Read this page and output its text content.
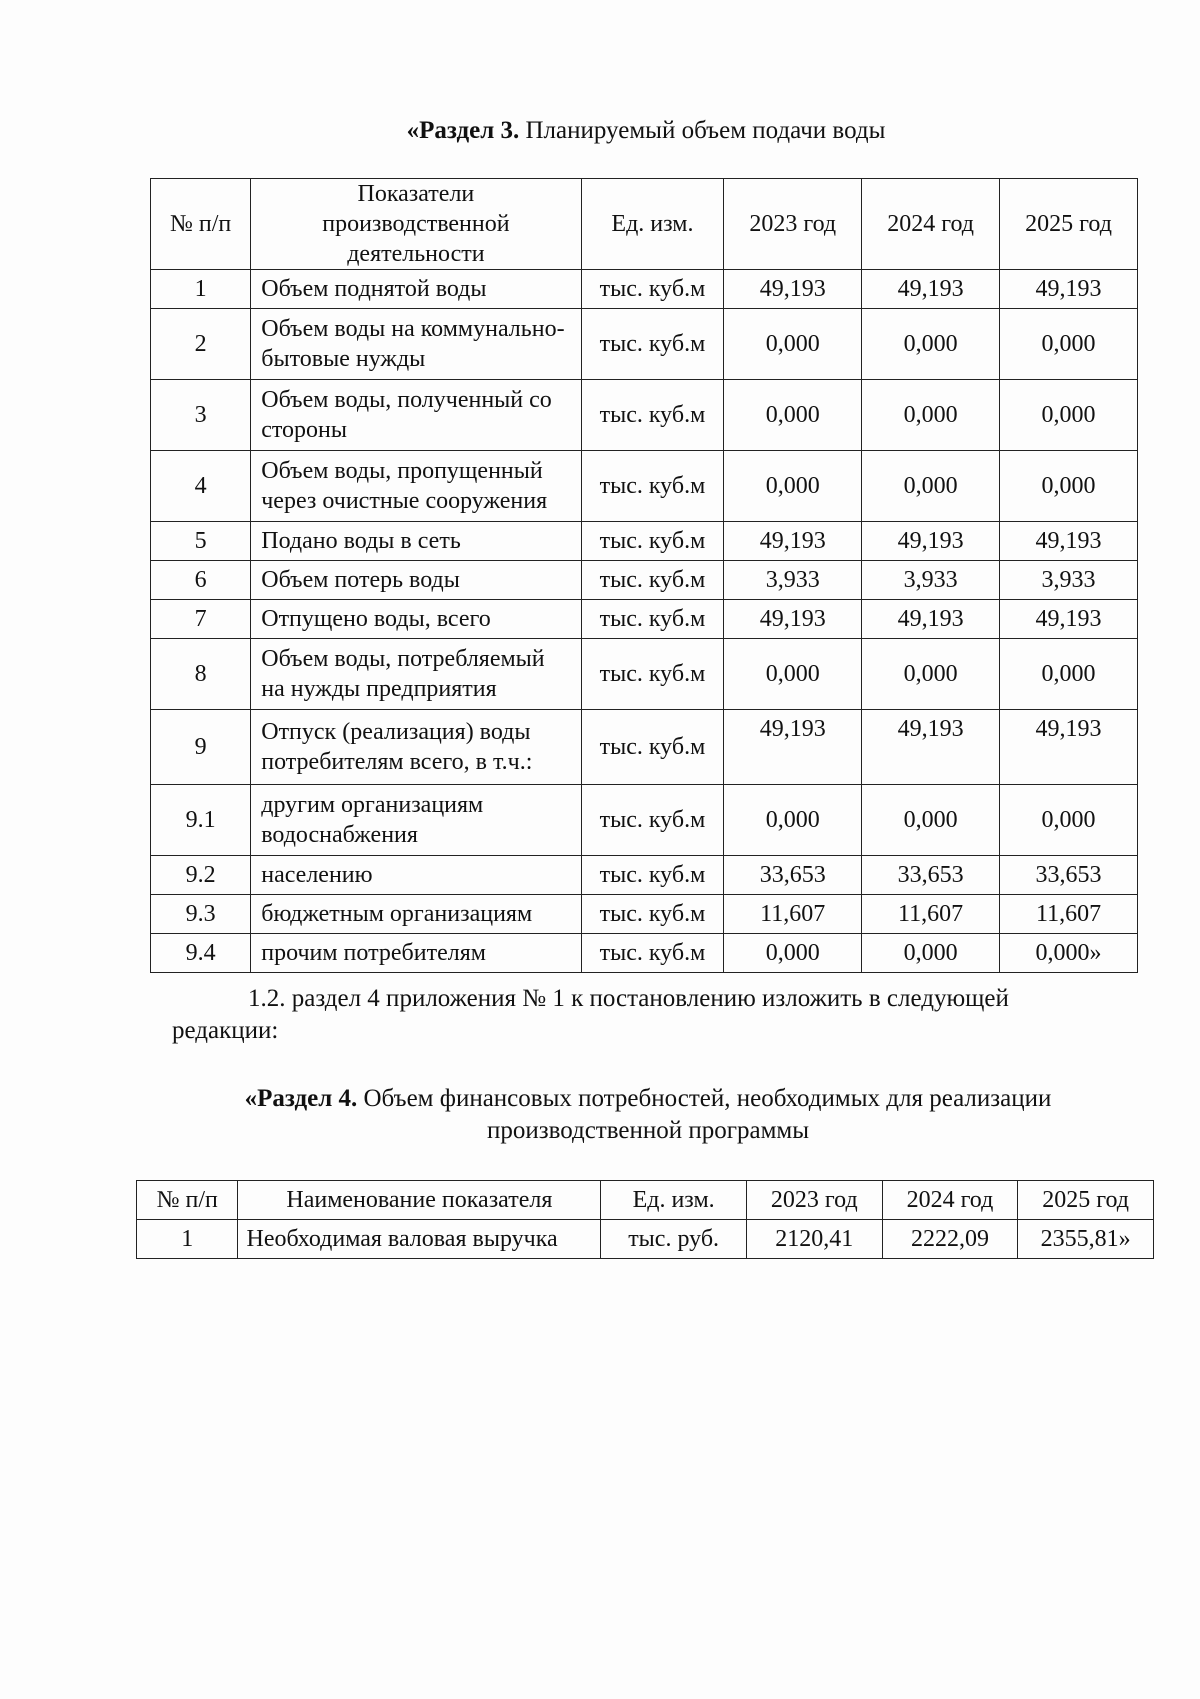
«Раздел 3. Планируемый объем подачи воды
№ п/п	Показатели производственной деятельности	Ед. изм.	2023 год	2024 год	2025 год
1	Объем поднятой воды	тыс. куб.м	49,193	49,193	49,193
2	Объем воды на коммунально-бытовые нужды	тыс. куб.м	0,000	0,000	0,000
3	Объем воды, полученный со стороны	тыс. куб.м	0,000	0,000	0,000
4	Объем воды, пропущенный через очистные сооружения	тыс. куб.м	0,000	0,000	0,000
5	Подано воды в сеть	тыс. куб.м	49,193	49,193	49,193
6	Объем потерь воды	тыс. куб.м	3,933	3,933	3,933
7	Отпущено воды, всего	тыс. куб.м	49,193	49,193	49,193
8	Объем воды, потребляемый на нужды предприятия	тыс. куб.м	0,000	0,000	0,000
9	Отпуск (реализация) воды потребителям всего, в т.ч.:	тыс. куб.м	49,193	49,193	49,193
9.1	другим организациям водоснабжения	тыс. куб.м	0,000	0,000	0,000
9.2	населению	тыс. куб.м	33,653	33,653	33,653
9.3	бюджетным организациям	тыс. куб.м	11,607	11,607	11,607
9.4	прочим потребителям	тыс. куб.м	0,000	0,000	0,000»
1.2. раздел 4 приложения № 1 к постановлению изложить в следующей
редакции:
«Раздел 4. Объем финансовых потребностей, необходимых для реализации
производственной программы
№ п/п	Наименование показателя	Ед. изм.	2023 год	2024 год	2025 год
1	Необходимая валовая выручка	тыс. руб.	2120,41	2222,09	2355,81»
